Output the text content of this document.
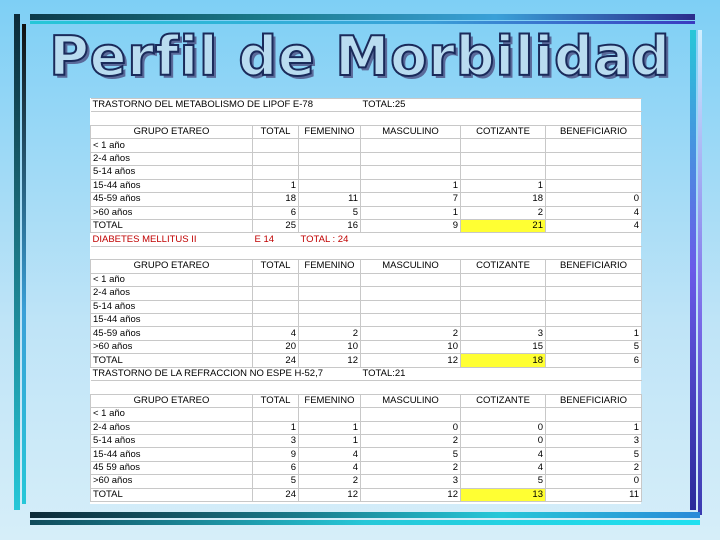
Perfil de Morbilidad
TRASTORNO DEL METABOLISMO DE LIPOF E-78			TOTAL:25		

GRUPO ETAREO	TOTAL	FEMENINO	MASCULINO	COTIZANTE	BENEFICIARIO
< 1 año					
2-4 años					
5-14 años					
15-44 años	1		1	1	
45-59 años	18	11	7	18	0
>60 años	6	5	1	2	4
TOTAL	25	16	9	21	4
DIABETES MELLITUS II	E 14	TOTAL : 24			

GRUPO ETAREO	TOTAL	FEMENINO	MASCULINO	COTIZANTE	BENEFICIARIO
< 1 año					
2-4 años					
5-14 años					
15-44 años					
45-59 años	4	2	2	3	1
>60 años	20	10	10	15	5
TOTAL	24	12	12	18	6
TRASTORNO DE LA REFRACCION NO ESPE H-52,7			TOTAL:21		

GRUPO ETAREO	TOTAL	FEMENINO	MASCULINO	COTIZANTE	BENEFICIARIO
< 1 año					
2-4 años	1	1	0	0	1
5-14 años	3	1	2	0	3
15-44 años	9	4	5	4	5
45 59 años	6	4	2	4	2
>60 años	5	2	3	5	0
TOTAL	24	12	12	13	11
